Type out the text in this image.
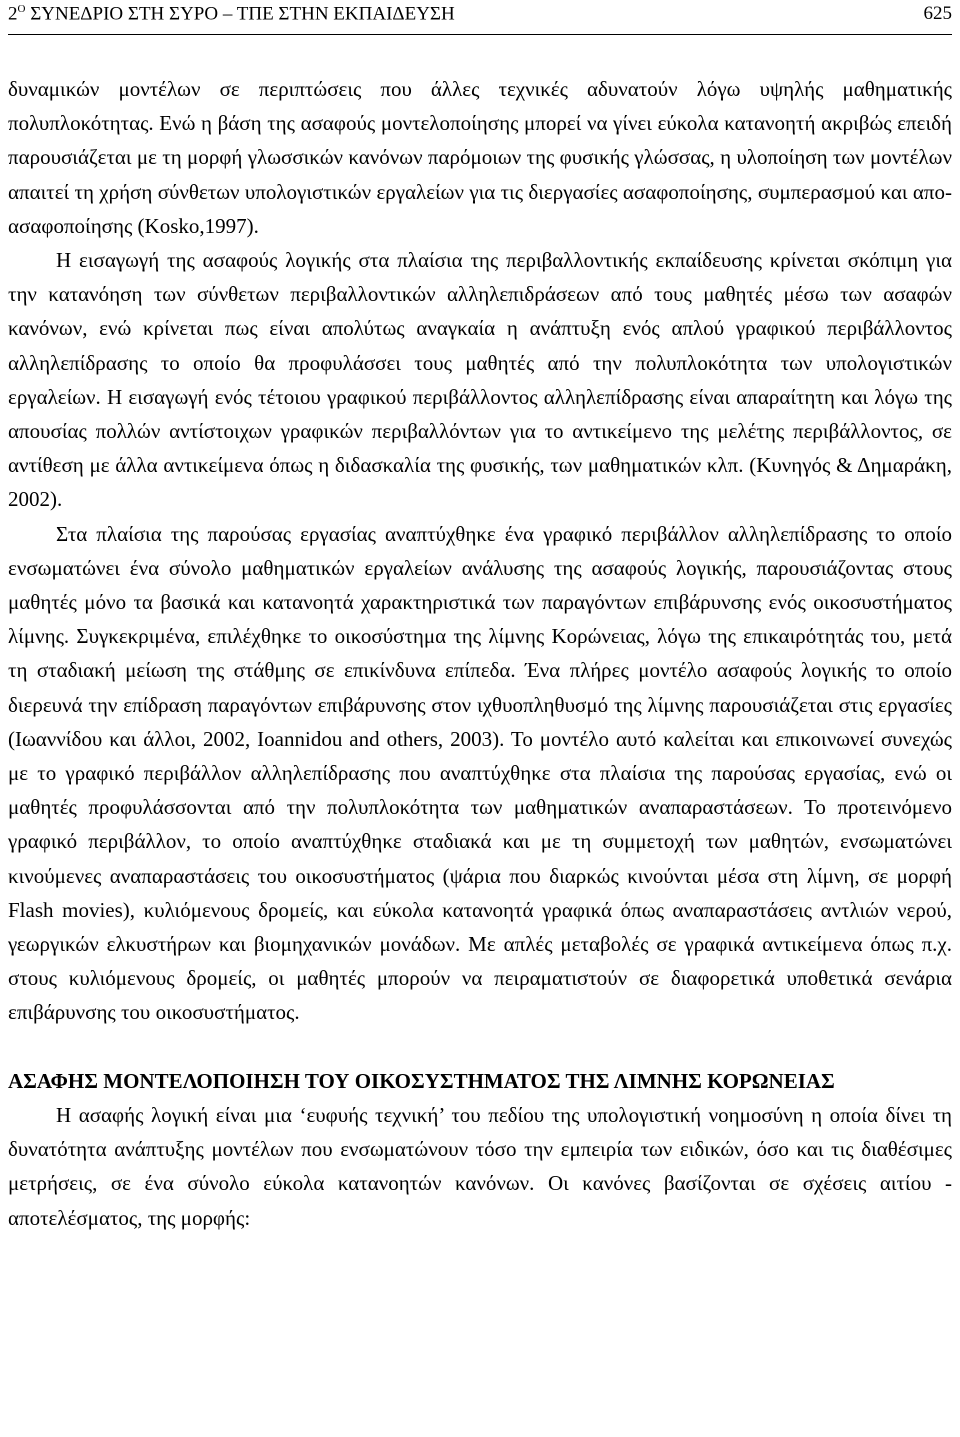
$2^O$ ΣΥΝΕΔΡΙΟ ΣΤΗ ΣΥΡΟ – ΤΠΕ ΣΤΗΝ ΕΚΠΑΙΔΕΥΣΗ	625

δυναμικών μοντέλων σε περιπτώσεις που άλλες τεχνικές αδυνατούν λόγω υψηλής μαθηματικής πολυπλοκότητας. Ενώ η βάση της ασαφούς μοντελοποίησης μπορεί να γίνει εύκολα κατανοητή ακριβώς επειδή παρουσιάζεται με τη μορφή γλωσσικών κανόνων παρόμοιων της φυσικής γλώσσας, η υλοποίηση των μοντέλων απαιτεί τη χρήση σύνθετων υπολογιστικών εργαλείων για τις διεργασίες ασαφοποίησης, συμπερασμού και απο-ασαφοποίησης (Kosko,1997).

Η εισαγωγή της ασαφούς λογικής στα πλαίσια της περιβαλλοντικής εκπαίδευσης κρίνεται σκόπιμη για την κατανόηση των σύνθετων περιβαλλοντικών αλληλεπιδράσεων από τους μαθητές μέσω των ασαφών κανόνων, ενώ κρίνεται πως είναι απολύτως αναγκαία η ανάπτυξη ενός απλού γραφικού περιβάλλοντος αλληλεπίδρασης το οποίο θα προφυλάσσει τους μαθητές από την πολυπλοκότητα των υπολογιστικών εργαλείων. Η εισαγωγή ενός τέτοιου γραφικού περιβάλλοντος αλληλεπίδρασης είναι απαραίτητη και λόγω της απουσίας πολλών αντίστοιχων γραφικών περιβαλλόντων για το αντικείμενο της μελέτης περιβάλλοντος, σε αντίθεση με άλλα αντικείμενα όπως η διδασκαλία της φυσικής, των μαθηματικών κλπ. (Κυνηγός & Δημαράκη, 2002).

Στα πλαίσια της παρούσας εργασίας αναπτύχθηκε ένα γραφικό περιβάλλον αλληλεπίδρασης το οποίο ενσωματώνει ένα σύνολο μαθηματικών εργαλείων ανάλυσης της ασαφούς λογικής, παρουσιάζοντας στους μαθητές μόνο τα βασικά και κατανοητά χαρακτηριστικά των παραγόντων επιβάρυνσης ενός οικοσυστήματος λίμνης. Συγκεκριμένα, επιλέχθηκε το οικοσύστημα της λίμνης Κορώνειας, λόγω της επικαιρότητάς του, μετά τη σταδιακή μείωση της στάθμης σε επικίνδυνα επίπεδα. Ένα πλήρες μοντέλο ασαφούς λογικής το οποίο διερευνά την επίδραση παραγόντων επιβάρυνσης στον ιχθυοπληθυσμό της λίμνης παρουσιάζεται στις εργασίες (Ιωαννίδου και άλλοι, 2002, Ioannidou and others, 2003). Το μοντέλο αυτό καλείται και επικοινωνεί συνεχώς με το γραφικό περιβάλλον αλληλεπίδρασης που αναπτύχθηκε στα πλαίσια της παρούσας εργασίας, ενώ οι μαθητές προφυλάσσονται από την πολυπλοκότητα των μαθηματικών αναπαραστάσεων. Το προτεινόμενο γραφικό περιβάλλον, το οποίο αναπτύχθηκε σταδιακά και με τη συμμετοχή των μαθητών, ενσωματώνει κινούμενες αναπαραστάσεις του οικοσυστήματος (ψάρια που διαρκώς κινούνται μέσα στη λίμνη, σε μορφή Flash movies), κυλιόμενους δρομείς, και εύκολα κατανοητά γραφικά όπως αναπαραστάσεις αντλιών νερού, γεωργικών ελκυστήρων και βιομηχανικών μονάδων. Με απλές μεταβολές σε γραφικά αντικείμενα όπως π.χ. στους κυλιόμενους δρομείς, οι μαθητές μπορούν να πειραματιστούν σε διαφορετικά υποθετικά σενάρια επιβάρυνσης του οικοσυστήματος.

ΑΣΑΦΗΣ ΜΟΝΤΕΛΟΠΟΙΗΣΗ ΤΟΥ ΟΙΚΟΣΥΣΤΗΜΑΤΟΣ ΤΗΣ ΛΙΜΝΗΣ ΚΟΡΩΝΕΙΑΣ

Η ασαφής λογική είναι μια ‘ευφυής τεχνική’ του πεδίου της υπολογιστική νοημοσύνη η οποία δίνει τη δυνατότητα ανάπτυξης μοντέλων που ενσωματώνουν τόσο την εμπειρία των ειδικών, όσο και τις διαθέσιμες μετρήσεις, σε ένα σύνολο εύκολα κατανοητών κανόνων. Οι κανόνες βασίζονται σε σχέσεις αιτίου - αποτελέσματος, της μορφής:
